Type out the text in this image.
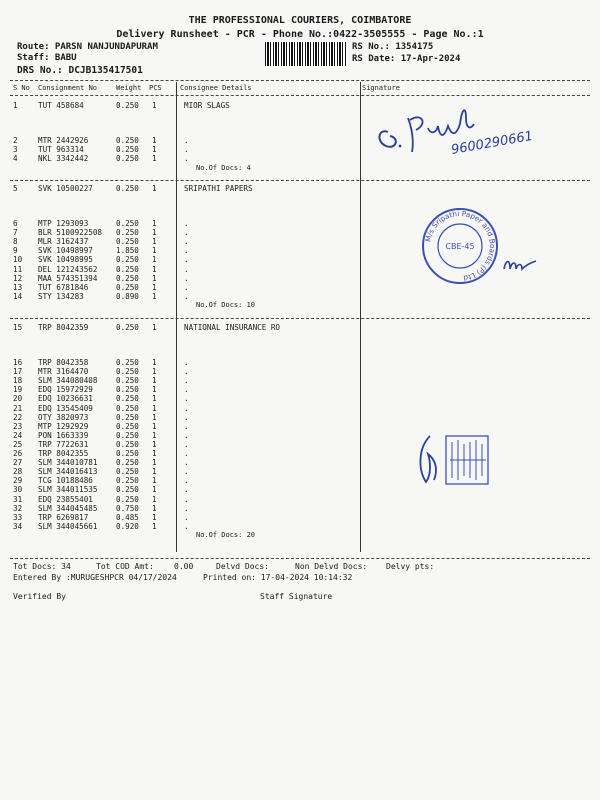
THE PROFESSIONAL COURIERS, COIMBATORE
Delivery Runsheet - PCR - Phone No.:0422-3505555 - Page No.:1
Route: PARSN NANJUNDAPURAM
Staff: BABU
DRS No.: DCJB135417501
RS No.: 1354175
RS Date: 17-Apr-2024
S No Consignment No	Weight PCS	Consignee Details	Signature
1	TUT 458684	0.250 1	MIOR SLAGS
2	MTR 2442926	0.250 1	.
3	TUT 963314	0.250 1	.
4	NKL 3342442	0.250 1	.
No.Of Docs: 4
5	SVK 10500227	0.250 1	SRIPATHI PAPERS
6	MTP 1293093	0.250 1	.
7	BLR 5100922508 0.250 1	.
8	MLR 3162437	0.250 1	.
9	SVK 10498997	1.850 1	.
10 SVK 10498995	0.250 1	.
11 DEL 121243562 0.250 1	.
12 MAA 574351394 0.250 1	.
13 TUT 6781846	0.250 1	.
14 STY 134283	0.890 1	.
No.Of Docs: 10
15 TRP 8042359	0.250 1	NATIONAL INSURANCE RO
16 TRP 8042358	0.250 1	.
17 MTR 3164470	0.250 1	.
18 SLM 344080408 0.250 1	.
19 EDQ 15972929	0.250 1	.
20 EDQ 10236631	0.250 1	.
21 EDQ 13545409	0.250 1	.
22 OTY 3820973	0.250 1	.
23 MTP 1292929	0.250 1	.
24 PON 1663339	0.250 1	.
25 TRP 7722631	0.250 1	.
26 TRP 8042355	0.250 1	.
27 SLM 344010781 0.250 1	.
28 SLM 344016413 0.250 1	.
29 TCG 10188486	0.250 1	.
30 SLM 344011535 0.250 1	.
31 EDQ 23855401	0.250 1	.
32 SLM 344045485 0.750 1	.
33 TRP 6269817	0.485 1	.
34 SLM 344045661 0.920 1	.
No.Of Docs: 20
Tot Docs: 34	Tot COD Amt:	0.00	Delvd Docs:	Non Delvd Docs: Delvy pts:
Entered By :MURUGESHPCR 04/17/2024	Printed on: 17-04-2024 10:14:32
Verified By	Staff Signature
9600290661
M/s Sripathi Paper and Boards (P) Ltd
CBE-45
